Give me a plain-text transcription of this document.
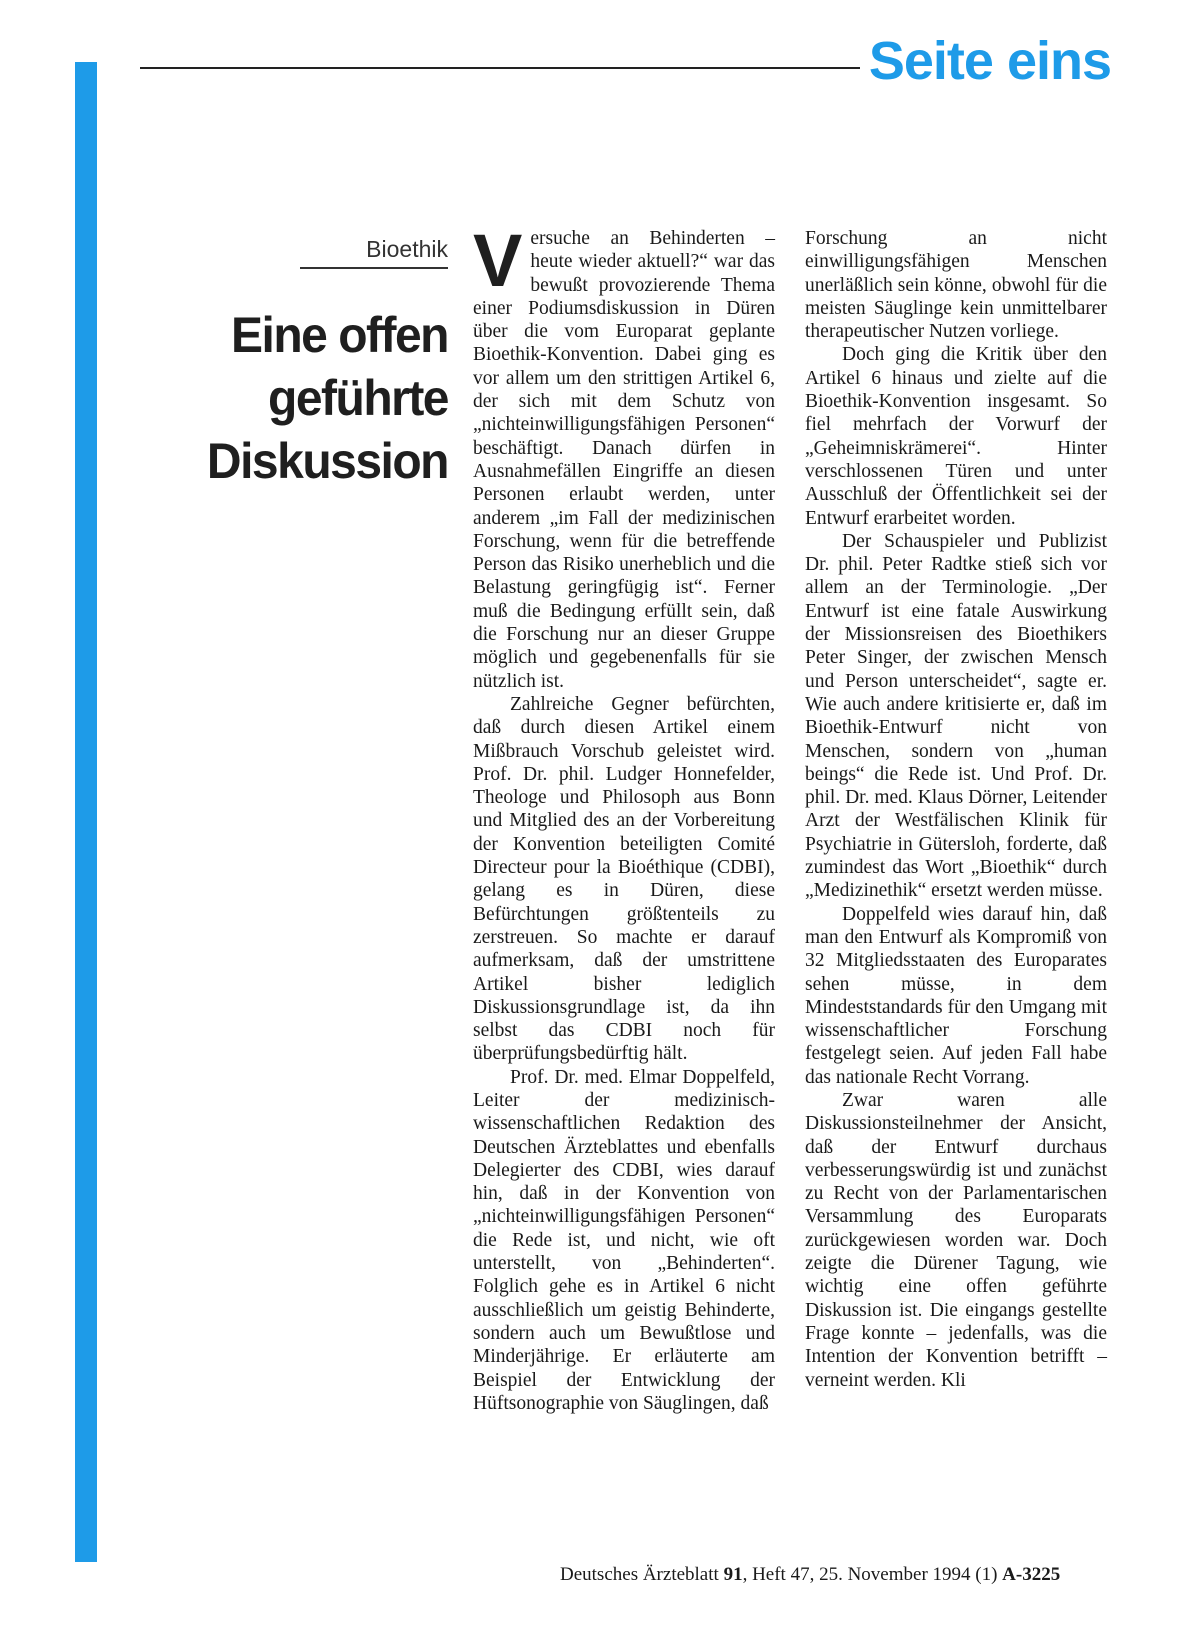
Seite eins
Bioethik
Eine offen
geführte
Diskussion

Versuche an Behinderten – heute wieder aktuell?“ war das bewußt provozierende Thema einer Podiumsdiskussion in Düren über die vom Europarat geplante Bioethik-Konvention. Dabei ging es vor allem um den strittigen Artikel 6, der sich mit dem Schutz von „nichteinwilligungsfähigen Personen“ beschäftigt. Danach dürfen in Ausnahmefällen Eingriffe an diesen Personen erlaubt werden, unter anderem „im Fall der medizinischen Forschung, wenn für die betreffende Person das Risiko unerheblich und die Belastung geringfügig ist“. Ferner muß die Bedingung erfüllt sein, daß die Forschung nur an dieser Gruppe möglich und gegebenenfalls für sie nützlich ist.

Zahlreiche Gegner befürchten, daß durch diesen Artikel einem Mißbrauch Vorschub geleistet wird. Prof. Dr. phil. Ludger Honnefelder, Theologe und Philosoph aus Bonn und Mitglied des an der Vorbereitung der Konvention beteiligten Comité Directeur pour la Bioéthique (CDBI), gelang es in Düren, diese Befürchtungen größtenteils zu zerstreuen. So machte er darauf aufmerksam, daß der umstrittene Artikel bisher lediglich Diskussionsgrundlage ist, da ihn selbst das CDBI noch für überprüfungsbedürftig hält.

Prof. Dr. med. Elmar Doppelfeld, Leiter der medizinisch-wissenschaftlichen Redaktion des Deutschen Ärzteblattes und ebenfalls Delegierter des CDBI, wies darauf hin, daß in der Konvention von „nichteinwilligungsfähigen Personen“ die Rede ist, und nicht, wie oft unterstellt, von „Behinderten“. Folglich gehe es in Artikel 6 nicht ausschließlich um geistig Behinderte, sondern auch um Bewußtlose und Minderjährige. Er erläuterte am Beispiel der Entwicklung der Hüftsonographie von Säuglingen, daß

Forschung an nicht einwilligungsfähigen Menschen unerläßlich sein könne, obwohl für die meisten Säuglinge kein unmittelbarer therapeutischer Nutzen vorliege.

Doch ging die Kritik über den Artikel 6 hinaus und zielte auf die Bioethik-Konvention insgesamt. So fiel mehrfach der Vorwurf der „Geheimniskrämerei“. Hinter verschlossenen Türen und unter Ausschluß der Öffentlichkeit sei der Entwurf erarbeitet worden.

Der Schauspieler und Publizist Dr. phil. Peter Radtke stieß sich vor allem an der Terminologie. „Der Entwurf ist eine fatale Auswirkung der Missionsreisen des Bioethikers Peter Singer, der zwischen Mensch und Person unterscheidet“, sagte er. Wie auch andere kritisierte er, daß im Bioethik-Entwurf nicht von Menschen, sondern von „human beings“ die Rede ist. Und Prof. Dr. phil. Dr. med. Klaus Dörner, Leitender Arzt der Westfälischen Klinik für Psychiatrie in Gütersloh, forderte, daß zumindest das Wort „Bioethik“ durch „Medizinethik“ ersetzt werden müsse.

Doppelfeld wies darauf hin, daß man den Entwurf als Kompromiß von 32 Mitgliedsstaaten des Europarates sehen müsse, in dem Mindeststandards für den Umgang mit wissenschaftlicher Forschung festgelegt seien. Auf jeden Fall habe das nationale Recht Vorrang.

Zwar waren alle Diskussionsteilnehmer der Ansicht, daß der Entwurf durchaus verbesserungswürdig ist und zunächst zu Recht von der Parlamentarischen Versammlung des Europarats zurückgewiesen worden war. Doch zeigte die Dürener Tagung, wie wichtig eine offen geführte Diskussion ist. Die eingangs gestellte Frage konnte – jedenfalls, was die Intention der Konvention betrifft – verneint werden. Kli

Deutsches Ärzteblatt 91, Heft 47, 25. November 1994 (1) A-3225
